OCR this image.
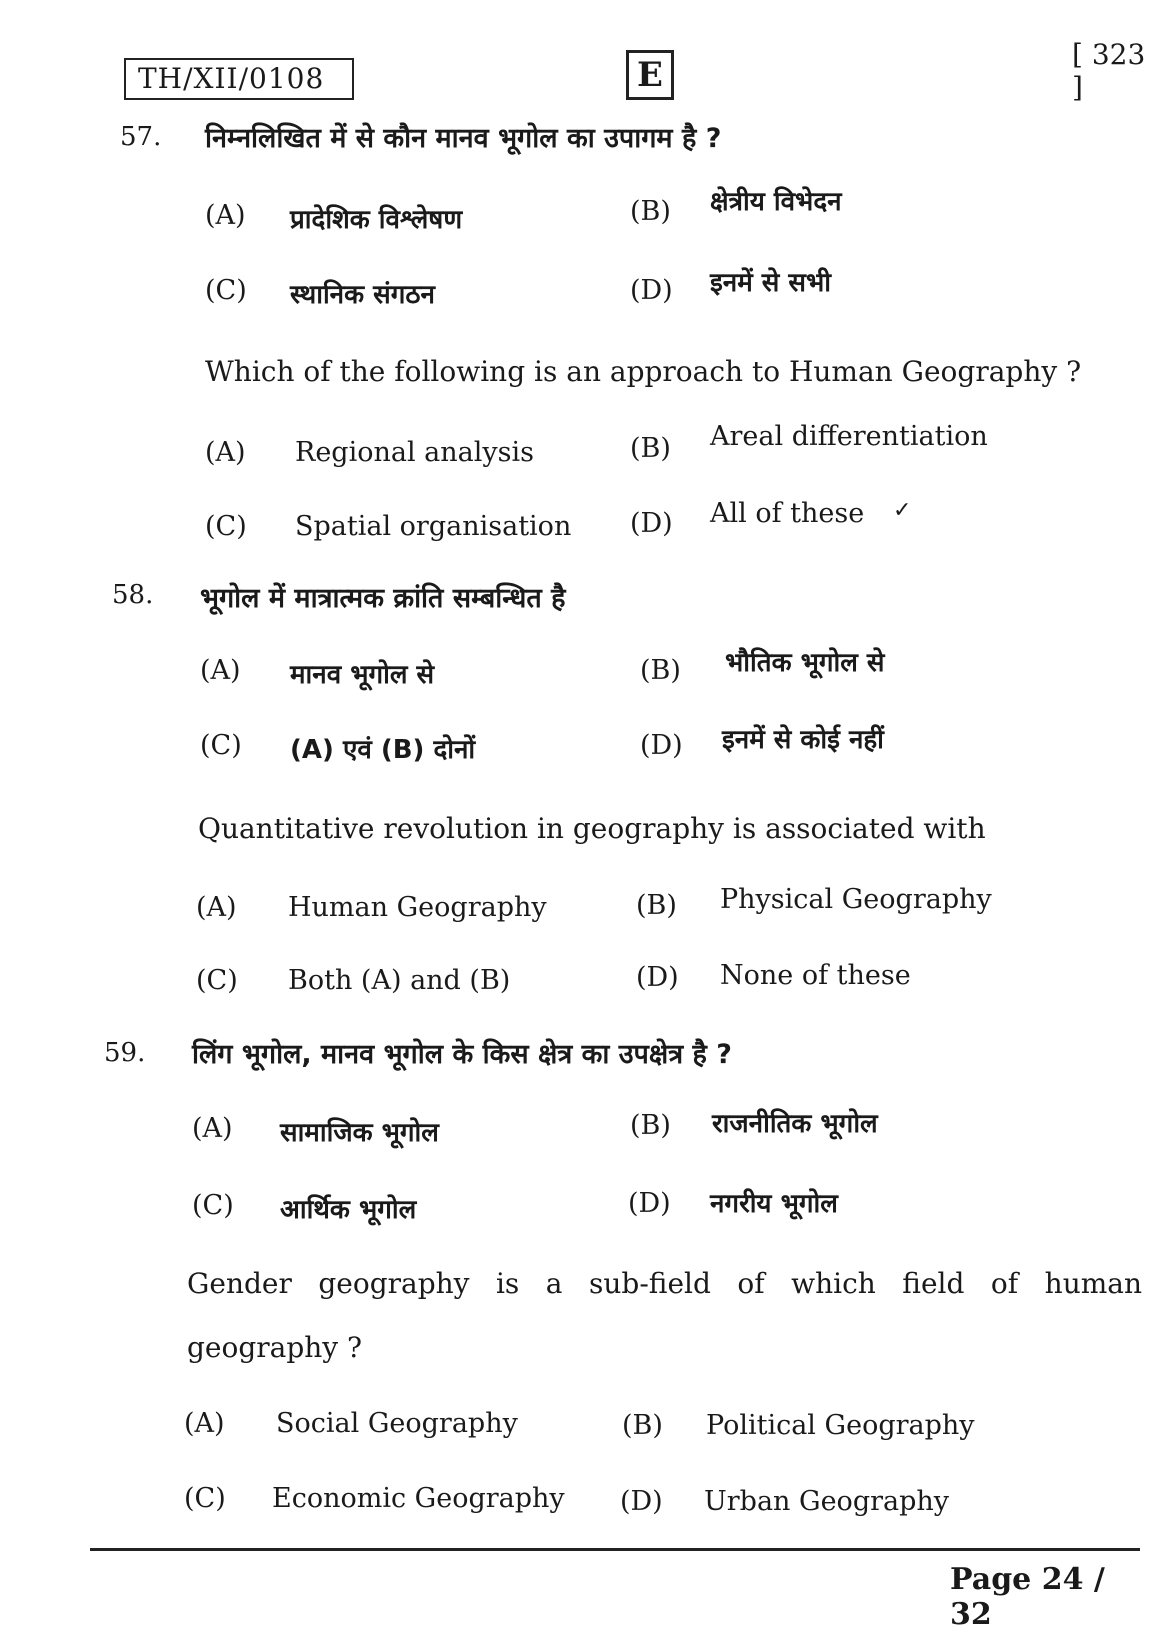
TH/XII/0108	E
[ 323 ]
57. निम्नलिखित में से कौन मानव भूगोल का उपागम है ?
(A) प्रादेशिक विश्लेषण	(B) क्षेत्रीय विभेदन
(C) स्थानिक संगठन	(D) इनमें से सभी
Which of the following is an approach to Human Geography ?
(A) Regional analysis	(B) Areal differentiation
(C) Spatial organisation (D) All of these ✓
58. भूगोल में मात्रात्मक क्रांति सम्बन्धित है
(A) मानव भूगोल से	(B) भौतिक भूगोल से
(C) (A) एवं (B) दोनों	(D) इनमें से कोई नहीं
Quantitative revolution in geography is associated with
(A) Human Geography	(B) Physical Geography
(C) Both (A) and (B)	(D) None of these
59. लिंग भूगोल, मानव भूगोल के किस क्षेत्र का उपक्षेत्र है ?
(A) सामाजिक भूगोल	(B) राजनीतिक भूगोल
(C) आर्थिक भूगोल	(D) नगरीय भूगोल
Gender geography is a sub-field of which field of human geography ?
(A) Social Geography	(B) Political Geography
(C) Economic Geography (D) Urban Geography
Page 24 / 32
